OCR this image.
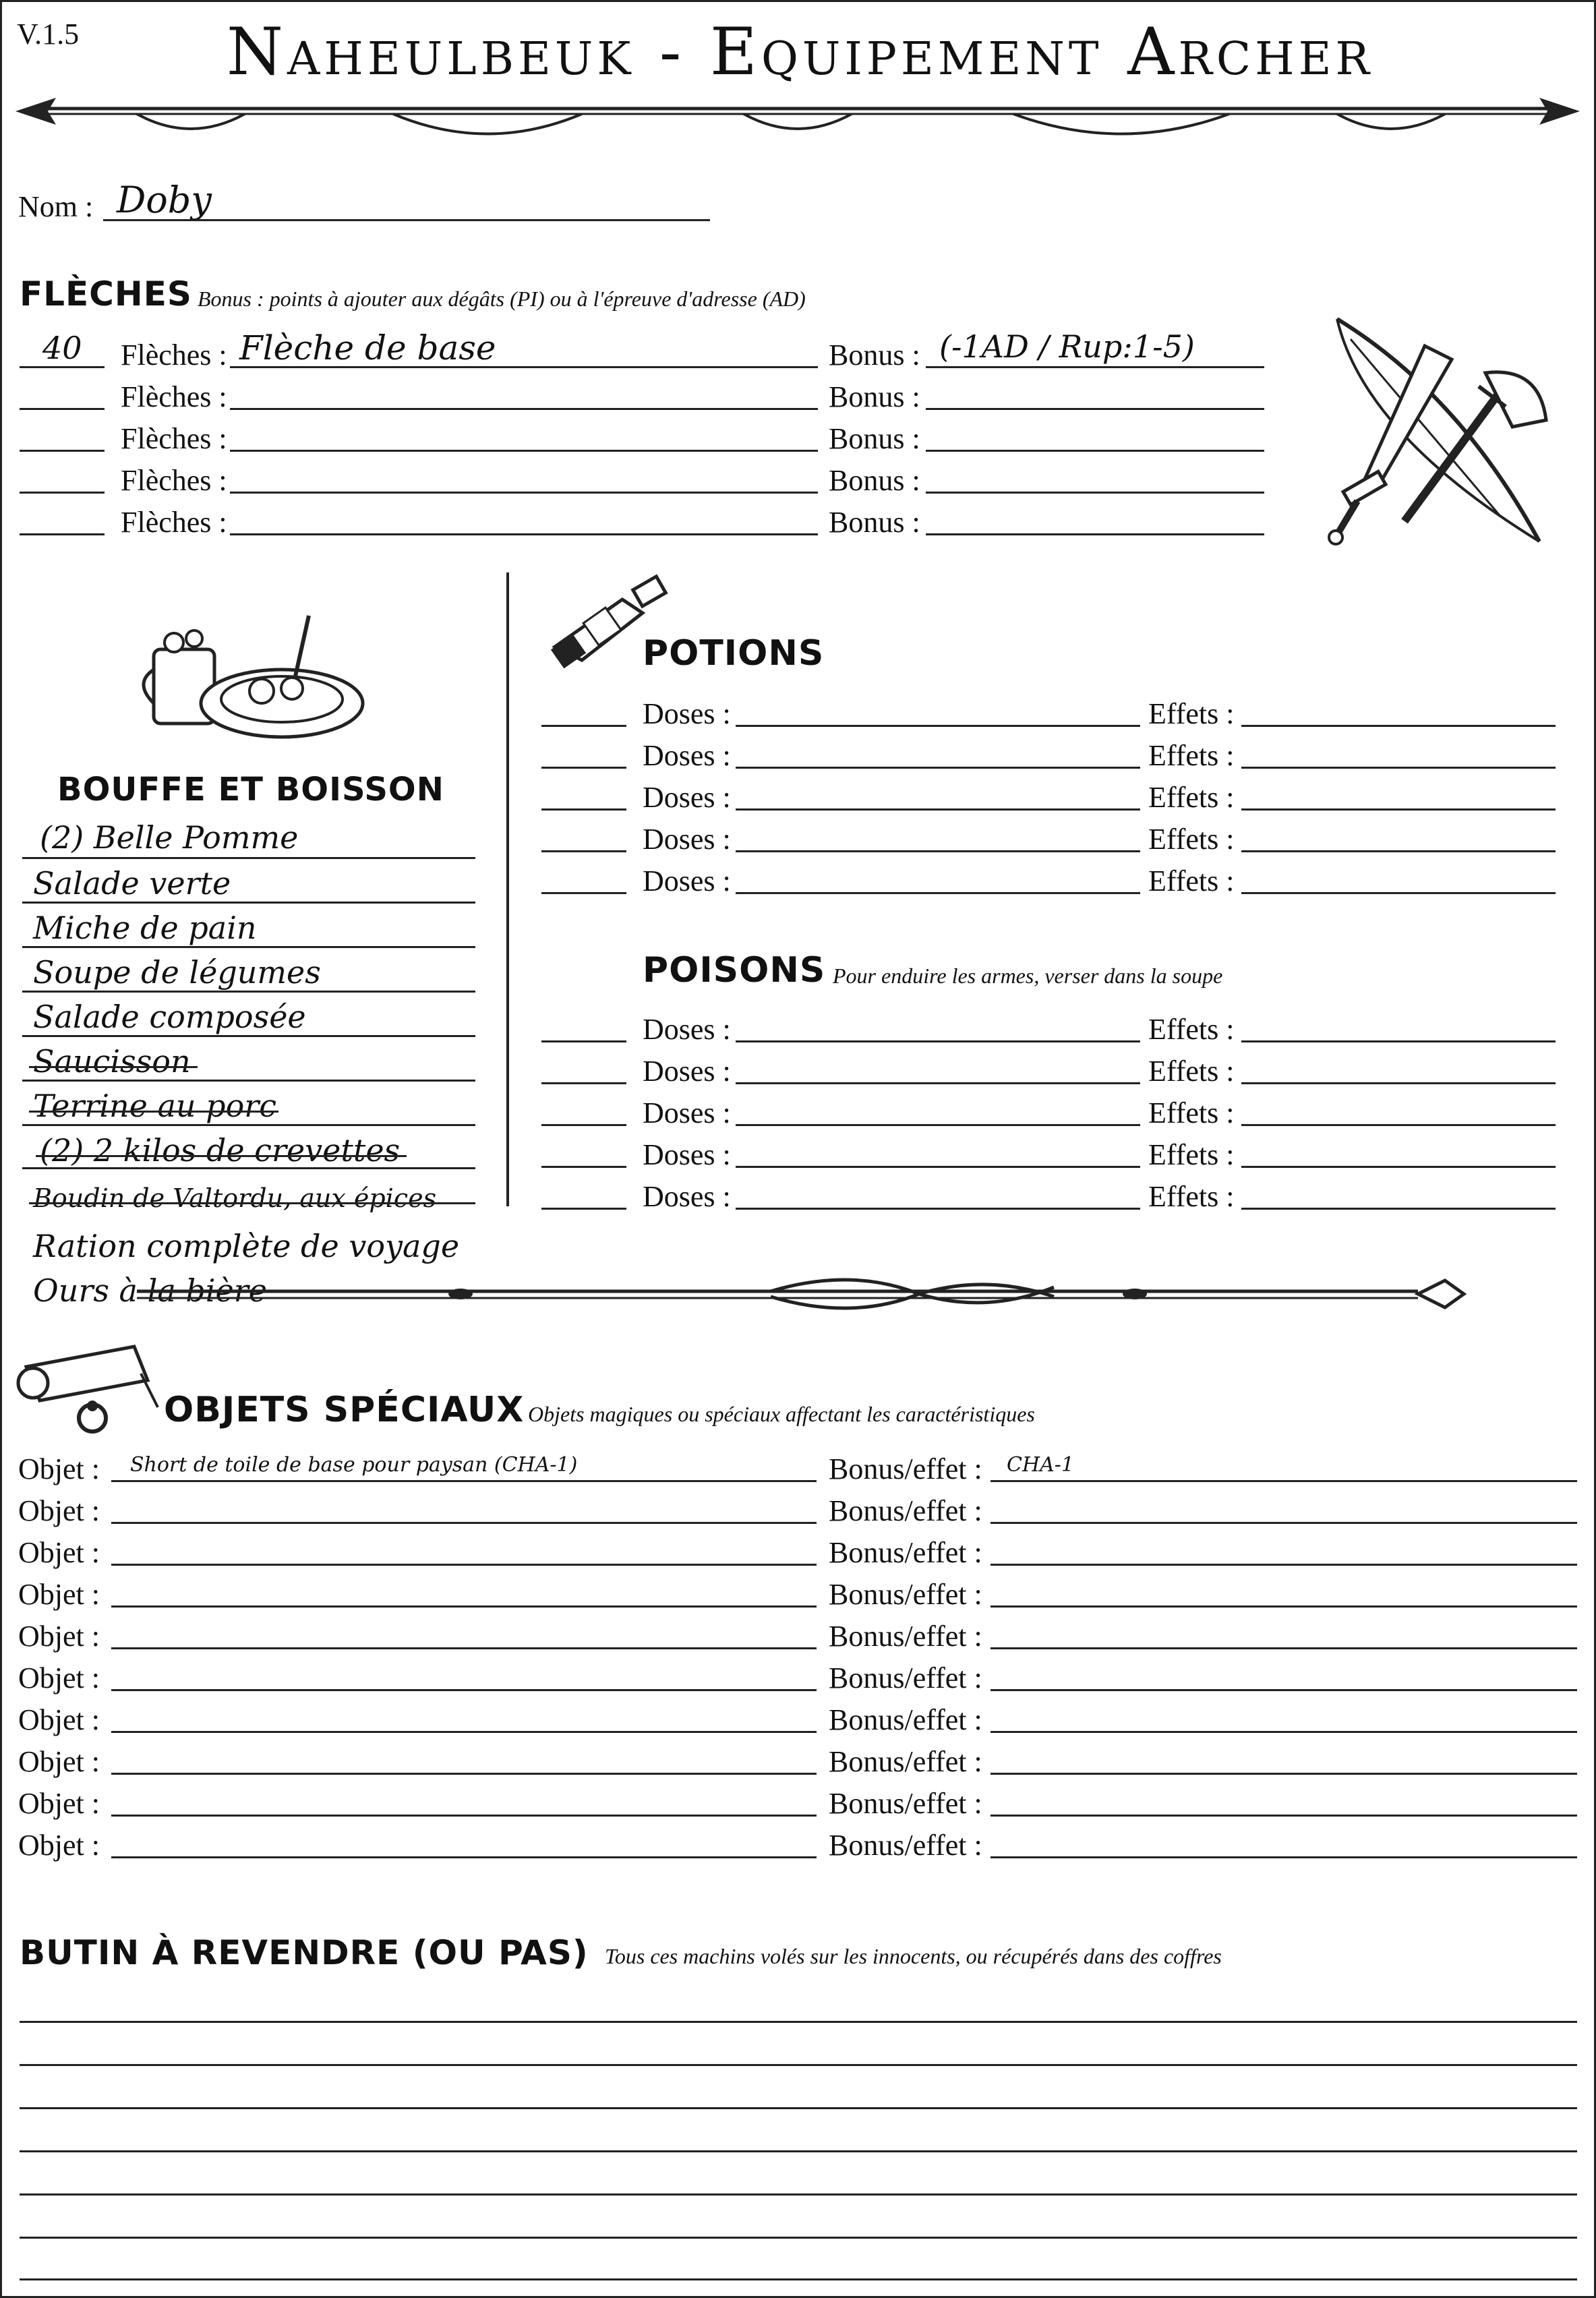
V.1.5	Naheulbeuk - Equipement Archer
Nom : Doby
FLÈCHES Bonus : points à ajouter aux dégâts (PI) ou à l'épreuve d'adresse (AD)
40 Flèches : Flèche de base	Bonus : (-1AD / Rup:1-5)
Flèches :	Bonus :
Flèches :	Bonus :
Flèches :	Bonus :
Flèches :	Bonus :
BOUFFE ET BOISSON
(2) Belle Pomme
Salade verte
Miche de pain
Soupe de légumes
Salade composée
Saucisson
Terrine au porc
(2) 2 kilos de crevettes
Boudin de Valtordu, aux épices
Ration complète de voyage
Ours à la bière
POTIONS
Doses :	Effets :
Doses :	Effets :
Doses :	Effets :
Doses :	Effets :
Doses :	Effets :
POISONS Pour enduire les armes, verser dans la soupe
Doses :	Effets :
Doses :	Effets :
Doses :	Effets :
Doses :	Effets :
Doses :	Effets :
OBJETS SPÉCIAUX Objets magiques ou spéciaux affectant les caractéristiques
Objet : Short de toile de base pour paysan (CHA-1)	Bonus/effet : CHA-1
Objet :	Bonus/effet :
Objet :	Bonus/effet :
Objet :	Bonus/effet :
Objet :	Bonus/effet :
Objet :	Bonus/effet :
Objet :	Bonus/effet :
Objet :	Bonus/effet :
Objet :	Bonus/effet :
Objet :	Bonus/effet :
BUTIN À REVENDRE (OU PAS) Tous ces machins volés sur les innocents, ou récupérés dans des coffres
